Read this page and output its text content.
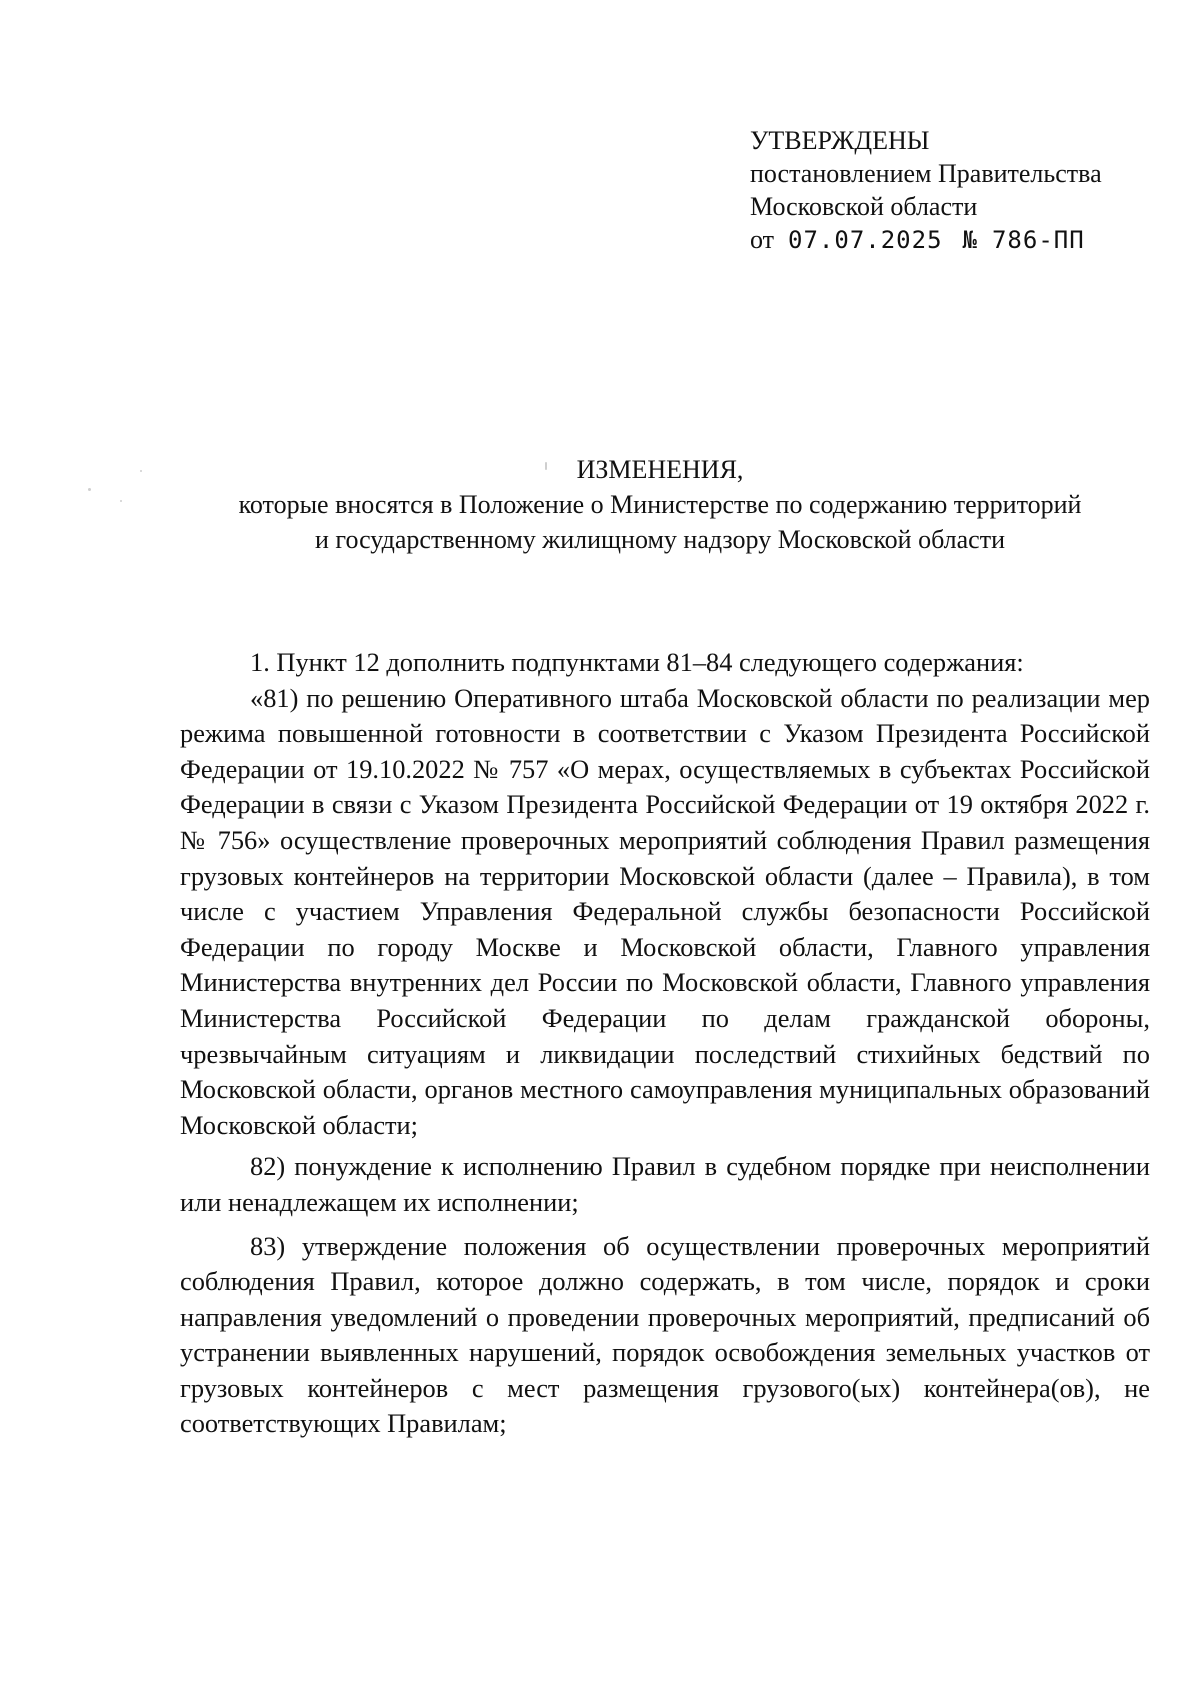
УТВЕРЖДЕНЫ
постановлением Правительства
Московской области
от 07.07.2025 № 786-ПП
ИЗМЕНЕНИЯ,
которые вносятся в Положение о Министерстве по содержанию территорий
и государственному жилищному надзору Московской области

1. Пункт 12 дополнить подпунктами 81–84 следующего содержания:

«81) по решению Оперативного штаба Московской области по реализации мер режима повышенной готовности в соответствии с Указом Президента Российской Федерации от 19.10.2022 № 757 «О мерах, осуществляемых в субъектах Российской Федерации в связи с Указом Президента Российской Федерации от 19 октября 2022 г. № 756» осуществление проверочных мероприятий соблюдения Правил размещения грузовых контейнеров на территории Московской области (далее – Правила), в том числе с участием Управления Федеральной службы безопасности Российской Федерации по городу Москве и Московской области, Главного управления Министерства внутренних дел России по Московской области, Главного управления Министерства Российской Федерации по делам гражданской обороны, чрезвычайным ситуациям и ликвидации последствий стихийных бедствий по Московской области, органов местного самоуправления муниципальных образований Московской области;

82) понуждение к исполнению Правил в судебном порядке при неисполнении или ненадлежащем их исполнении;

83) утверждение положения об осуществлении проверочных мероприятий соблюдения Правил, которое должно содержать, в том числе, порядок и сроки направления уведомлений о проведении проверочных мероприятий, предписаний об устранении выявленных нарушений, порядок освобождения земельных участков от грузовых контейнеров с мест размещения грузового(ых) контейнера(ов), не соответствующих Правилам;
